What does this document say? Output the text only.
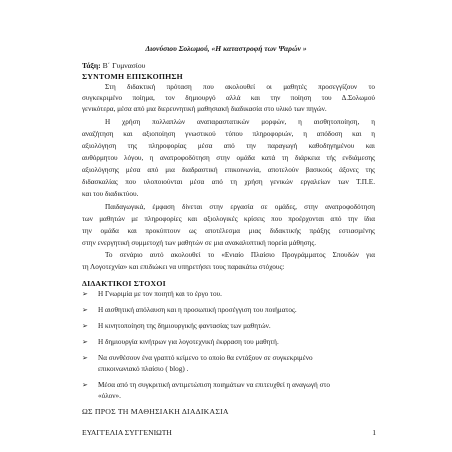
Διονύσιου Σολωμού, «Η καταστροφή των Ψαρών »
Τάξη: Β΄ Γυμνασίου
ΣΥΝΤΟΜΗ ΕΠΙΣΚΟΠΗΣΗ
Στη διδακτική πρόταση που ακολουθεί οι μαθητές προσεγγίζουν το
συγκεκριμένο ποίημα, τον δημιουργό αλλά και την ποίηση του Δ.Σολωμού
γενικότερα, μέσα από μια διερευνητική μαθησιακή διαδικασία στο υλικό των πηγών.
Η χρήση πολλαπλών αναπαραστατικών μορφών, η αισθητοποίηση, η
αναζήτηση και αξιοποίηση γνωστικού τύπου πληροφοριών, η απόδοση και η
αξιολόγηση της πληροφορίας μέσα από την παραγωγή καθοδηγημένου και
αυθόρμητου λόγου, η ανατροφοδότηση στην ομάδα κατά τη διάρκεια τής ενδιάμεσης
αξιολόγησης μέσα από μια διαδραστική επικοινωνία, αποτελούν βασικούς άξονες της
διδασκαλίας που υλοποιούνται μέσα από τη χρήση γενικών εργαλείων των Τ.Π.Ε.
και του διαδικτύου.
Παιδαγωγικά, έμφαση δίνεται στην εργασία σε ομάδες, στην ανατροφοδότηση
των μαθητών με πληροφορίες και αξιολογικές κρίσεις που προέρχονται από την ίδια
την ομάδα και προκύπτουν ως αποτέλεσμα μιας διδακτικής πράξης εστιασμένης
στην ενεργητική συμμετοχή των μαθητών σε μια ανακαλυπτική πορεία μάθησης.
Το σενάριο αυτό ακολουθεί το «Ενιαίο Πλαίσιο Προγράμματος Σπουδών για
τη Λογοτεχνία» και επιδιώκει να υπηρετήσει τους παρακάτω στόχους:
ΔΙΔΑΚΤΙΚΟΙ ΣΤΟΧΟΙ
➢ Η Γνωριμία με τον ποιητή και το έργο του.
➢ Η αισθητική απόλαυση και η προσωπική προσέγγιση του ποιήματος.
➢ Η κινητοποίηση της δημιουργικής φαντασίας των μαθητών.
➢ Η δημιουργία κινήτρων για λογοτεχνική έκφραση του μαθητή.
➢ Να συνθέσουν ένα γραπτό κείμενο το οποίο θα εντάξουν σε συγκεκριμένο
επικοινωνιακό πλαίσιο ( blog) .
➢ Μέσα από τη συγκριτική αντιμετώπιση ποιημάτων να επιτευχθεί η αναγωγή στο
«όλον».
ΩΣ ΠΡΟΣ ΤΗ ΜΑΘΗΣΙΑΚΗ ΔΙΑΔΙΚΑΣΙΑ
ΕΥΑΓΓΕΛΙΑ ΣΥΓΓΕΝΙΩΤΗ	1
